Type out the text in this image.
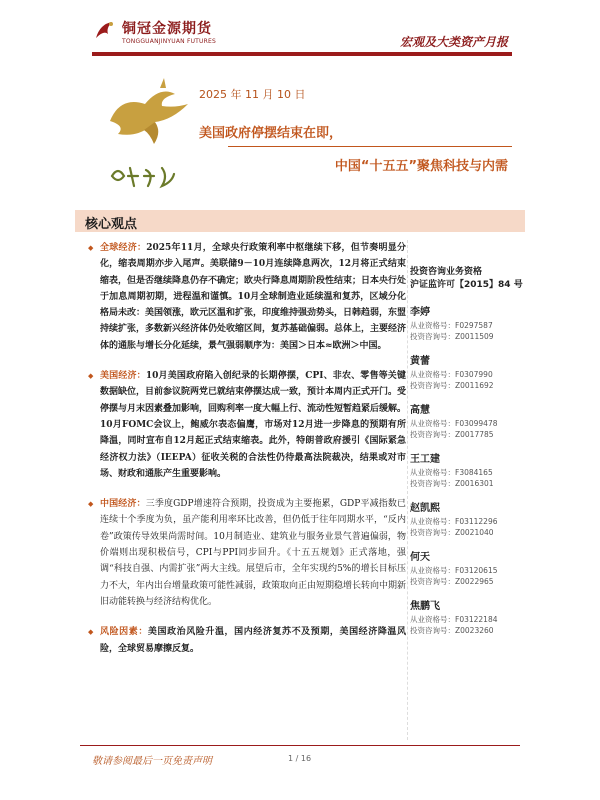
铜冠金源期货
TONGGUANJINYUAN FUTURES	宏观及大类资产月报
2025 年 11 月 10 日
美国政府停摆结束在即，
中国“十五五”聚焦科技与内需
核心观点
◆ 全球经济：2025年11月，全球央行政策利率中枢继续下移，但节奏明显分化，缩表周期亦步入尾声。美联储9－10月连续降息两次，12月将正式结束缩表，但是否继续降息仍存不确定；欧央行降息周期阶段性结束；日本央行处于加息周期初期，进程温和谨慎。10月全球制造业延续温和复苏，区域分化格局未改：美国领涨，欧元区温和扩张，印度维持强劲势头，日韩趋弱，东盟持续扩张，多数新兴经济体仍处收缩区间，复苏基础偏弱。总体上，主要经济体的通胀与增长分化延续，景气强弱顺序为：美国＞日本≈欧洲＞中国。
◆ 美国经济：10月美国政府陷入创纪录的长期停摆，CPI、非农、零售等关键数据缺位，目前参议院两党已就结束停摆达成一致，预计本周内正式开门。受停摆与月末因素叠加影响，回购利率一度大幅上行、流动性短暂趋紧后缓解。10月FOMC会议上，鲍威尔表态偏鹰，市场对12月进一步降息的预期有所降温，同时宣布自12月起正式结束缩表。此外，特朗普政府援引《国际紧急经济权力法》（IEEPA）征收关税的合法性仍待最高法院裁决，结果或对市场、财政和通胀产生重要影响。
◆ 中国经济：三季度GDP增速符合预期，投资成为主要拖累，GDP平减指数已连续十个季度为负，虽产能利用率环比改善，但仍低于往年同期水平，“反内卷”政策传导效果尚需时间。10月制造业、建筑业与服务业景气普遍偏弱，物价端则出现积极信号，CPI与PPI同步回升。《十五五规划》正式落地，强调“科技自强、内需扩张”两大主线。展望后市，全年实现约5%的增长目标压力不大，年内出台增量政策可能性减弱，政策取向正由短期稳增长转向中期新旧动能转换与经济结构优化。
◆ 风险因素：美国政治风险升温，国内经济复苏不及预期，美国经济降温风险，全球贸易摩擦反复。
投资咨询业务资格
沪证监许可【2015】84 号
李婷
从业资格号：F0297587
投资咨询号：Z0011509
黄蕾
从业资格号：F0307990
投资咨询号：Z0011692
高慧
从业资格号：F03099478
投资咨询号：Z0017785
王工建
从业资格号：F3084165
投资咨询号：Z0016301
赵凯熙
从业资格号：F03112296
投资咨询号：Z0021040
何天
从业资格号：F03120615
投资咨询号：Z0022965
焦鹏飞
从业资格号：F03122184
投资咨询号：Z0023260
敬请参阅最后一页免责声明	1 / 16
